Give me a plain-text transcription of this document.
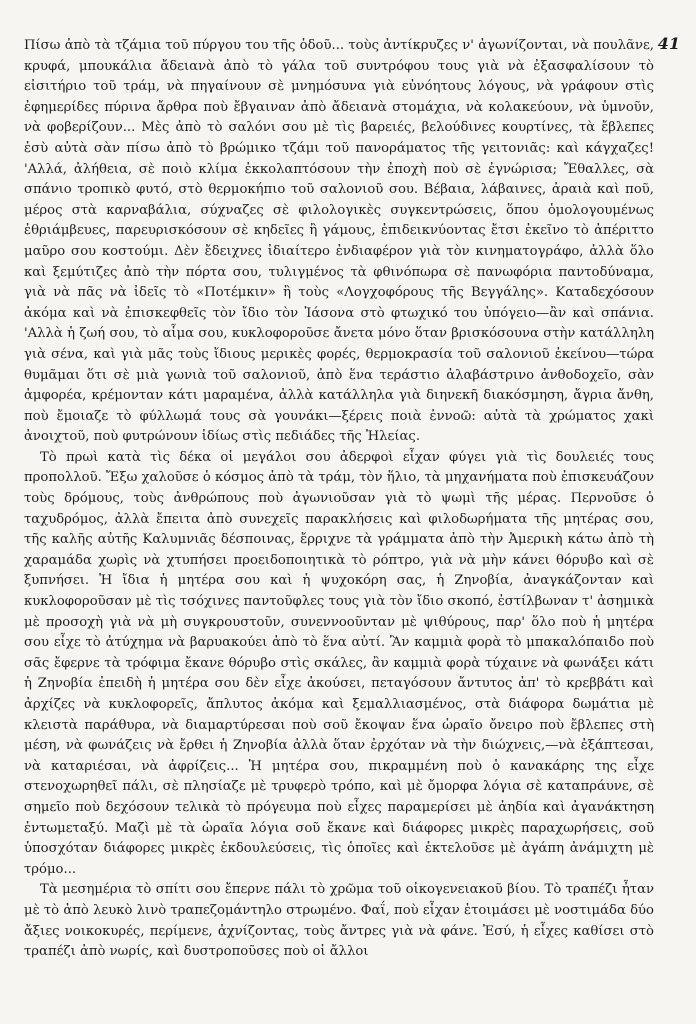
41

Πίσω ἀπὸ τὰ τζάμια τοῦ πύργου του τῆς ὁδοῦ... τοὺς ἀντίκρυζες ν' ἀγωνίζονται, νὰ πουλᾶνε, κρυφά, μπουκάλια ἄδειανὰ ἀπὸ τὸ γάλα τοῦ συντρόφου τους γιὰ νὰ ἐξασφαλίσουν τὸ εἰσιτήριο τοῦ τράμ, νὰ πηγαίνουν σὲ μνημόσυνα γιὰ εὐνόητους λόγους, νὰ γράφουν στὶς ἐφημερίδες πύρινα ἄρθρα ποὺ ἔβγαιναν ἀπὸ ἄδειανὰ στομάχια, νὰ κολακεύουν, νὰ ὑμνοῦν, νὰ φοβερίζουν... Μὲς ἀπὸ τὸ σαλόνι σου μὲ τὶς βαρειές, βελούδινες κουρτίνες, τὰ ἔβλεπες ἐσὺ αὐτὰ σὰν πίσω ἀπὸ τὸ βρώμικο τζάμι τοῦ πανοράματος τῆς γειτονιᾶς: καὶ κάγχαζες! 'Αλλά, ἀλήθεια, σὲ ποιὸ κλίμα ἐκκολαπτόσουν τὴν ἐποχὴ ποὺ σὲ ἐγνώρισα; Ἔθαλλες, σὰ σπάνιο τροπικὸ φυτό, στὸ θερμοκήπιο τοῦ σαλονιοῦ σου. Βέβαια, λάβαινες, ἀραιὰ καὶ ποῦ, μέρος στὰ καρναβάλια, σύχναζες σὲ φιλολογικὲς συγκεντρώσεις, ὅπου ὁμολογουμένως ἐθριάμβευες, παρευρισκόσουν σὲ κηδεῖες ἢ γάμους, ἐπιδεικνύοντας ἔτσι ἐκεῖνο τὸ ἀπέριττο μαῦρο σου κοστούμι. Δὲν ἔδειχνες ἰδιαίτερο ἐνδιαφέρον γιὰ τὸν κινηματογράφο, ἀλλὰ ὅλο καὶ ξεμύτιζες ἀπὸ τὴν πόρτα σου, τυλιγμένος τὰ φθινόπωρα σὲ πανωφόρια παντοδύναμα, γιὰ νὰ πᾶς νὰ ἰδεῖς τὸ «Ποτέμκιν» ἢ τοὺς «Λογχοφόρους τῆς Βεγγάλης». Καταδεχόσουν ἀκόμα καὶ νὰ ἐπισκεφθεῖς τὸν ἴδιο τὸν Ἰάσονα στὸ φτωχικό του ὑπόγειο—ἂν καὶ σπάνια. 'Αλλὰ ἡ ζωή σου, τὸ αἷμα σου, κυκλοφοροῦσε ἄνετα μόνο ὅταν βρισκόσουνα στὴν κατάλληλη γιὰ σένα, καὶ γιὰ μᾶς τοὺς ἴδιους μερικὲς φορές, θερμοκρασία τοῦ σαλονιοῦ ἐκείνου—τώρα θυμᾶμαι ὅτι σὲ μιὰ γωνιὰ τοῦ σαλονιοῦ, ἀπὸ ἕνα τεράστιο ἀλαβάστρινο ἀνθοδοχεῖο, σὰν ἀμφορέα, κρέμονταν κάτι μαραμένα, ἀλλὰ κατάλληλα γιὰ διηνεκῆ διακόσμηση, ἄγρια ἄνθη, ποὺ ἔμοιαζε τὸ φύλλωμά τους σὰ γουνάκι—ξέρεις ποιὰ ἐννοῶ: αὐτὰ τὰ χρώματος χακὶ ἀνοιχτοῦ, ποὺ φυτρώνουν ἰδίως στὶς πεδιάδες τῆς Ἠλείας.

Τὸ πρωὶ κατὰ τὶς δέκα οἱ μεγάλοι σου ἀδερφοὶ εἶχαν φύγει γιὰ τὶς δουλειές τους προπολλοῦ. Ἔξω χαλοῦσε ὁ κόσμος ἀπὸ τὰ τράμ, τὸν ἥλιο, τὰ μηχανήματα ποὺ ἐπισκευάζουν τοὺς δρόμους, τοὺς ἀνθρώπους ποὺ ἀγωνιοῦσαν γιὰ τὸ ψωμὶ τῆς μέρας. Περνοῦσε ὁ ταχυδρόμος, ἀλλὰ ἔπειτα ἀπὸ συνεχεῖς παρακλήσεις καὶ φιλοδωρήματα τῆς μητέρας σου, τῆς καλῆς αὐτῆς Καλυμνιᾶς δέσποινας, ἔρριχνε τὰ γράμματα ἀπὸ τὴν Ἀμερικὴ κάτω ἀπὸ τὴ χαραμάδα χωρὶς νὰ χτυπήσει προειδοποιητικὰ τὸ ρόπτρο, γιὰ νὰ μὴν κάνει θόρυβο καὶ σὲ ξυπνήσει. Ἡ ἴδια ἡ μητέρα σου καὶ ἡ ψυχοκόρη σας, ἡ Ζηνοβία, ἀναγκάζονταν καὶ κυκλοφοροῦσαν μὲ τὶς τσόχινες παντοῦφλες τους γιὰ τὸν ἴδιο σκοπό, ἐστίλβωναν τ' ἀσημικὰ μὲ προσοχὴ γιὰ νὰ μὴ συγκρουστοῦν, συνεννοοῦνταν μὲ ψιθύρους, παρ' ὅλο ποὺ ἡ μητέρα σου εἶχε τὸ ἀτύχημα νὰ βαρυακούει ἀπὸ τὸ ἕνα αὐτί. Ἂν καμμιὰ φορὰ τὸ μπακαλόπαιδο ποὺ σᾶς ἔφερνε τὰ τρόφιμα ἔκανε θόρυβο στὶς σκάλες, ἂν καμμιὰ φορὰ τύχαινε νὰ φωνάξει κάτι ἡ Ζηνοβία ἐπειδὴ ἡ μητέρα σου δὲν εἶχε ἀκούσει, πεταγόσουν ἄντυτος ἀπ' τὸ κρεββάτι καὶ ἀρχίζες νὰ κυκλοφορεῖς, ἄπλυτος ἀκόμα καὶ ξεμαλλιασμένος, στὰ διάφορα δωμάτια μὲ κλειστὰ παράθυρα, νὰ διαμαρτύρεσαι ποὺ σοῦ ἔκοψαν ἕνα ὡραῖο ὄνειρο ποὺ ἔβλεπες στὴ μέση, νὰ φωνάζεις νὰ ἔρθει ἡ Ζηνοβία ἀλλὰ ὅταν ἐρχόταν νὰ τὴν διώχνεις,—νὰ ἐξάπτεσαι, νὰ καταριέσαι, νὰ ἀφρίζεις... Ἡ μητέρα σου, πικραμμένη ποὺ ὁ κανακάρης της εἶχε στενοχωρηθεῖ πάλι, σὲ πλησίαζε μὲ τρυφερὸ τρόπο, καὶ μὲ ὄμορφα λόγια σὲ καταπράυνε, σὲ σημεῖο ποὺ δεχόσουν τελικὰ τὸ πρόγευμα ποὺ εἶχες παραμερίσει μὲ ἀηδία καὶ ἀγανάκτηση ἐντωμεταξύ. Μαζὶ μὲ τὰ ὡραῖα λόγια σοῦ ἔκανε καὶ διάφορες μικρὲς παραχωρήσεις, σοῦ ὑποσχόταν διάφορες μικρὲς ἐκδουλεύσεις, τὶς ὁποῖες καὶ ἐκτελοῦσε μὲ ἀγάπη ἀνάμιχτη μὲ τρόμο...

Τὰ μεσημέρια τὸ σπίτι σου ἔπερνε πάλι τὸ χρῶμα τοῦ οἰκογενειακοῦ βίου. Τὸ τραπέζι ἦταν μὲ τὸ ἀπὸ λευκὸ λινὸ τραπεζομάντηλο στρωμένο. Φαΐ, ποὺ εἶχαν ἑτοιμάσει μὲ νοστιμάδα δύο ἄξιες νοικοκυρές, περίμενε, ἀχνίζοντας, τοὺς ἄντρες γιὰ νὰ φάνε. Ἐσύ, ἡ εἶχες καθίσει στὸ τραπέζι ἀπὸ νωρίς, καὶ δυστροποῦσες ποὺ οἱ ἄλλοι
